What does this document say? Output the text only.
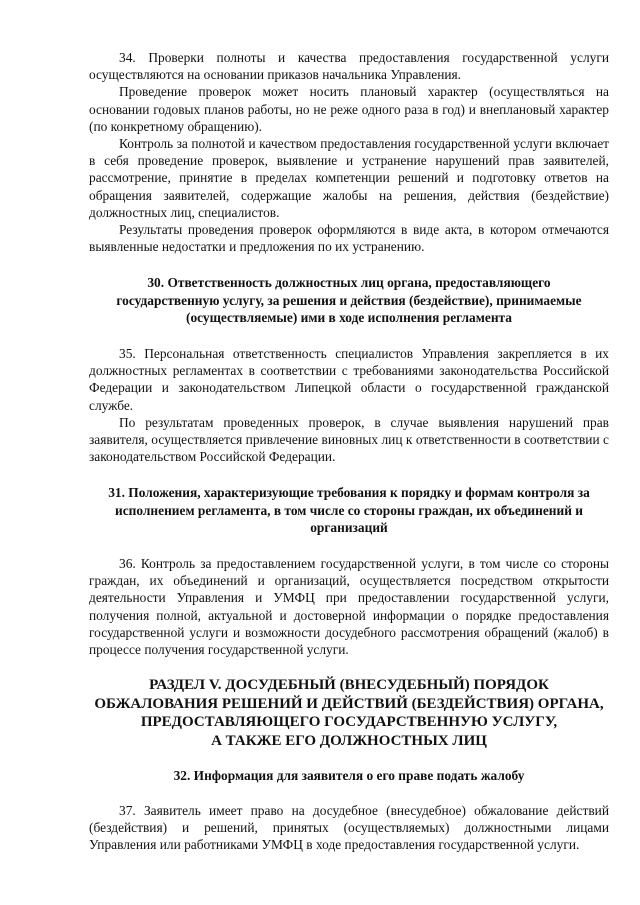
34. Проверки полноты и качества предоставления государственной услуги осуществляются на основании приказов начальника Управления.

Проведение проверок может носить плановый характер (осуществляться на основании годовых планов работы, но не реже одного раза в год) и внеплановый характер (по конкретному обращению).

Контроль за полнотой и качеством предоставления государственной услуги включает в себя проведение проверок, выявление и устранение нарушений прав заявителей, рассмотрение, принятие в пределах компетенции решений и подготовку ответов на обращения заявителей, содержащие жалобы на решения, действия (бездействие) должностных лиц, специалистов.

Результаты проведения проверок оформляются в виде акта, в котором отмечаются выявленные недостатки и предложения по их устранению.

30. Ответственность должностных лиц органа, предоставляющего государственную услугу, за решения и действия (бездействие), принимаемые (осуществляемые) ими в ходе исполнения регламента

35. Персональная ответственность специалистов Управления закрепляется в их должностных регламентах в соответствии с требованиями законодательства Российской Федерации и законодательством Липецкой области о государственной гражданской службе.

По результатам проведенных проверок, в случае выявления нарушений прав заявителя, осуществляется привлечение виновных лиц к ответственности в соответствии с законодательством Российской Федерации.

31. Положения, характеризующие требования к порядку и формам контроля за исполнением регламента, в том числе со стороны граждан, их объединений и организаций

36. Контроль за предоставлением государственной услуги, в том числе со стороны граждан, их объединений и организаций, осуществляется посредством открытости деятельности Управления и УМФЦ при предоставлении государственной услуги, получения полной, актуальной и достоверной информации о порядке предоставления государственной услуги и возможности досудебного рассмотрения обращений (жалоб) в процессе получения государственной услуги.

РАЗДЕЛ V. ДОСУДЕБНЫЙ (ВНЕСУДЕБНЫЙ) ПОРЯДОК
ОБЖАЛОВАНИЯ РЕШЕНИЙ И ДЕЙСТВИЙ (БЕЗДЕЙСТВИЯ) ОРГАНА,
ПРЕДОСТАВЛЯЮЩЕГО ГОСУДАРСТВЕННУЮ УСЛУГУ,
А ТАКЖЕ ЕГО ДОЛЖНОСТНЫХ ЛИЦ
32. Информация для заявителя о его праве подать жалобу

37. Заявитель имеет право на досудебное (внесудебное) обжалование действий (бездействия) и решений, принятых (осуществляемых) должностными лицами Управления или работниками УМФЦ в ходе предоставления государственной услуги.
